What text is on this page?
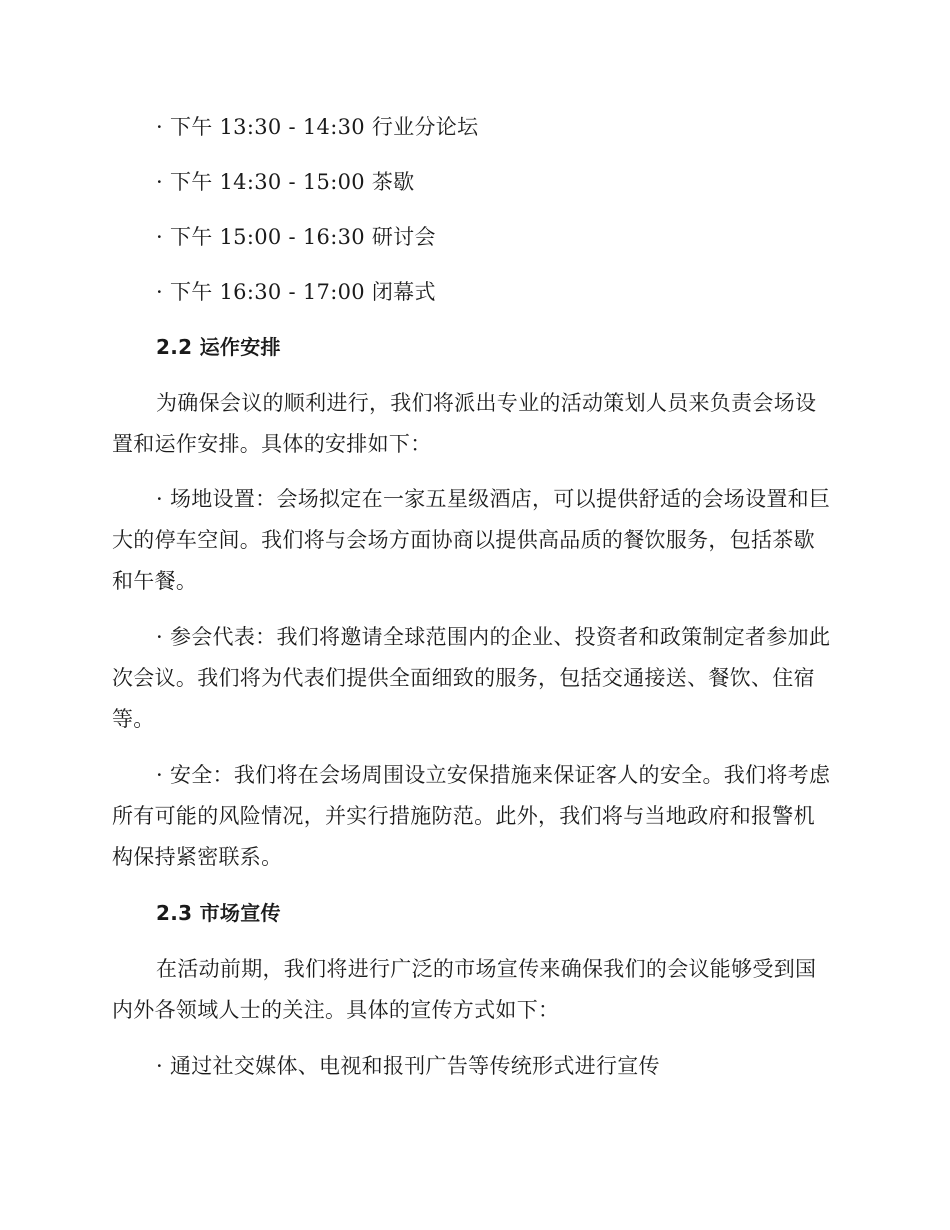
· 下午 13:30 - 14:30 行业分论坛
· 下午 14:30 - 15:00 茶歇
· 下午 15:00 - 16:30 研讨会
· 下午 16:30 - 17:00 闭幕式
2.2 运作安排
为确保会议的顺利进行，我们将派出专业的活动策划人员来负责会场设
置和运作安排。具体的安排如下：
· 场地设置：会场拟定在一家五星级酒店，可以提供舒适的会场设置和巨
大的停车空间。我们将与会场方面协商以提供高品质的餐饮服务，包括茶歇
和午餐。
· 参会代表：我们将邀请全球范围内的企业、投资者和政策制定者参加此
次会议。我们将为代表们提供全面细致的服务，包括交通接送、餐饮、住宿
等。
· 安全：我们将在会场周围设立安保措施来保证客人的安全。我们将考虑
所有可能的风险情况，并实行措施防范。此外，我们将与当地政府和报警机
构保持紧密联系。
2.3 市场宣传
在活动前期，我们将进行广泛的市场宣传来确保我们的会议能够受到国
内外各领域人士的关注。具体的宣传方式如下：
· 通过社交媒体、电视和报刊广告等传统形式进行宣传
